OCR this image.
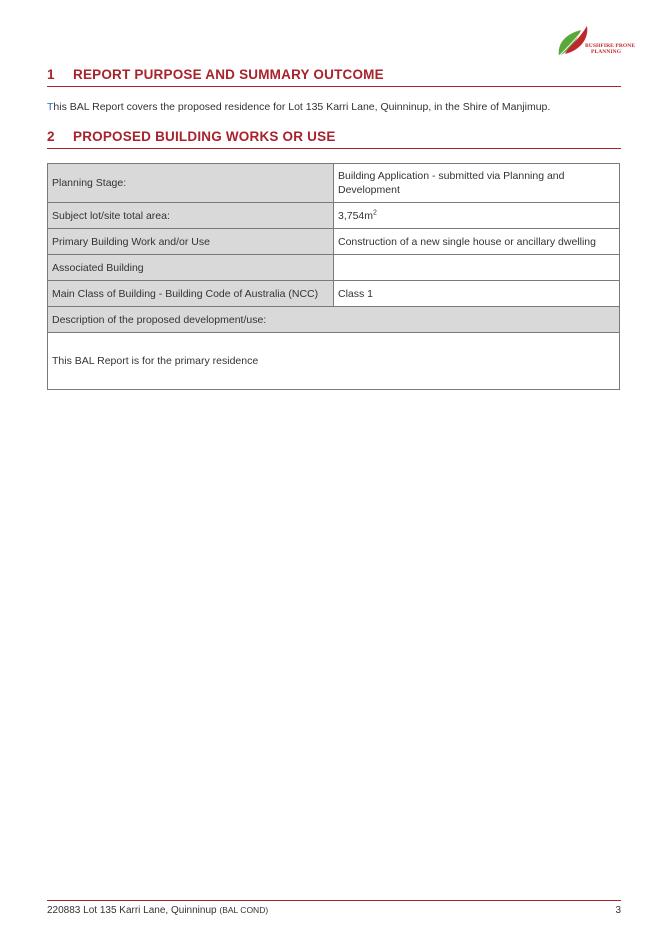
BUSHFIRE PRONE
PLANNING
1	REPORT PURPOSE AND SUMMARY OUTCOME

This BAL Report covers the proposed residence for Lot 135 Karri Lane, Quinninup, in the Shire of Manjimup.

2	PROPOSED BUILDING WORKS OR USE
Planning Stage:	Building Application - submitted via Planning and Development
Subject lot/site total area:	$3,754m^2$
Primary Building Work and/or Use	Construction of a new single house or ancillary dwelling
Associated Building	
Main Class of Building - Building Code of Australia (NCC)	Class 1
Description of the proposed development/use:	
This BAL Report is for the primary residence	
220883 Lot 135 Karri Lane, Quinninup (BAL COND)	3
